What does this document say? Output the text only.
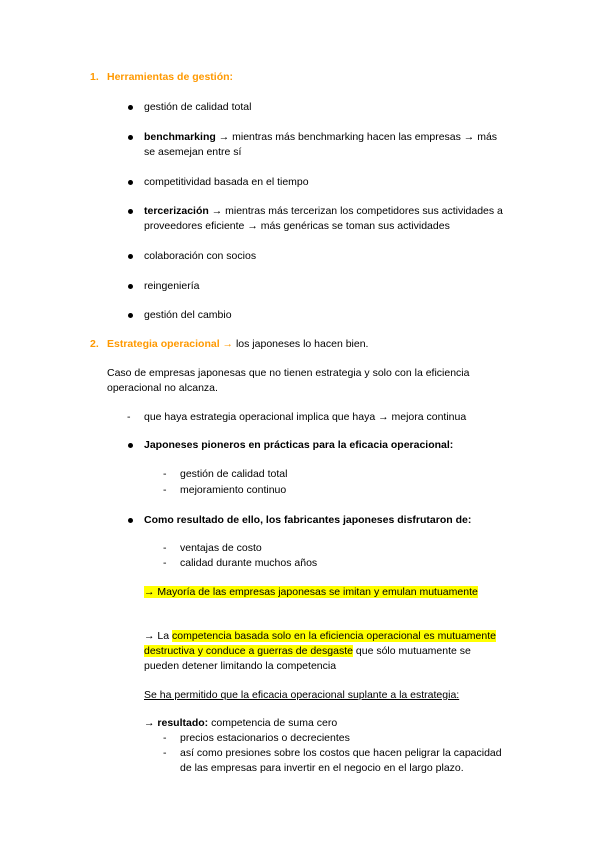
1. Herramientas de gestión:
gestión de calidad total
benchmarking → mientras más benchmarking hacen las empresas → más
se asemejan entre sí
competitividad basada en el tiempo
tercerización → mientras más tercerizan los competidores sus actividades a
proveedores eficiente → más genéricas se toman sus actividades
colaboración con socios
reingeniería
gestión del cambio
2. Estrategia operacional → los japoneses lo hacen bien.
Caso de empresas japonesas que no tienen estrategia y solo con la eficiencia
operacional no alcanza.
- que haya estrategia operacional implica que haya → mejora continua
Japoneses pioneros en prácticas para la eficacia operacional:
- gestión de calidad total
- mejoramiento continuo
Como resultado de ello, los fabricantes japoneses disfrutaron de:
- ventajas de costo
- calidad durante muchos años
→ Mayoría de las empresas japonesas se imitan y emulan mutuamente
→ La competencia basada solo en la eficiencia operacional es mutuamente
destructiva y conduce a guerras de desgaste que sólo mutuamente se
pueden detener limitando la competencia
Se ha permitido que la eficacia operacional suplante a la estrategia:
→ resultado: competencia de suma cero
- precios estacionarios o decrecientes
- así como presiones sobre los costos que hacen peligrar la capacidad
de las empresas para invertir en el negocio en el largo plazo.
